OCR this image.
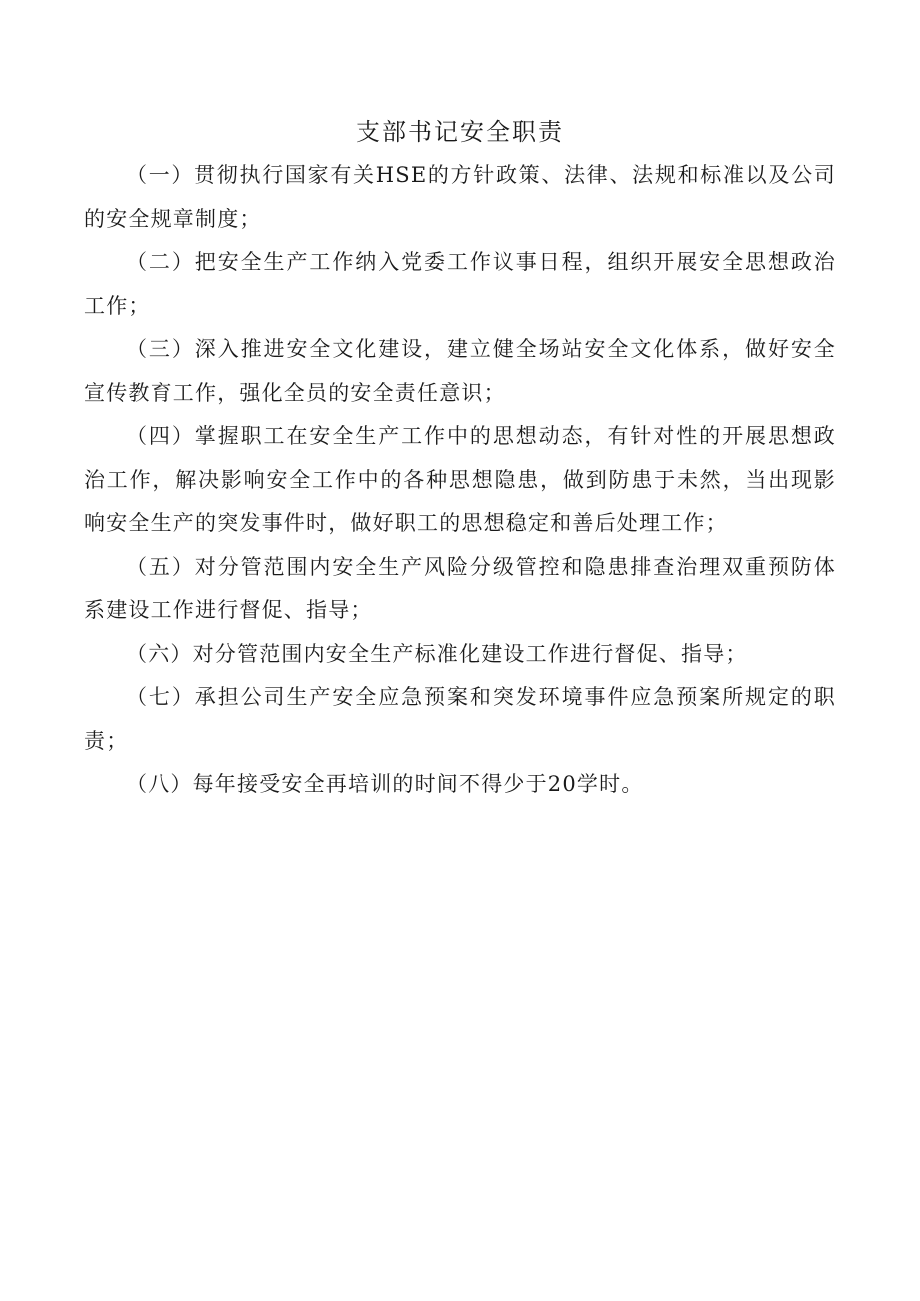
支部书记安全职责

（一）贯彻执行国家有关HSE的方针政策、法律、法规和标准以及公司的安全规章制度；

（二）把安全生产工作纳入党委工作议事日程，组织开展安全思想政治工作；

（三）深入推进安全文化建设，建立健全场站安全文化体系，做好安全宣传教育工作，强化全员的安全责任意识；

（四）掌握职工在安全生产工作中的思想动态，有针对性的开展思想政治工作，解决影响安全工作中的各种思想隐患，做到防患于未然，当出现影响安全生产的突发事件时，做好职工的思想稳定和善后处理工作；

（五）对分管范围内安全生产风险分级管控和隐患排查治理双重预防体系建设工作进行督促、指导；

（六）对分管范围内安全生产标准化建设工作进行督促、指导；

（七）承担公司生产安全应急预案和突发环境事件应急预案所规定的职责；

（八）每年接受安全再培训的时间不得少于20学时。
